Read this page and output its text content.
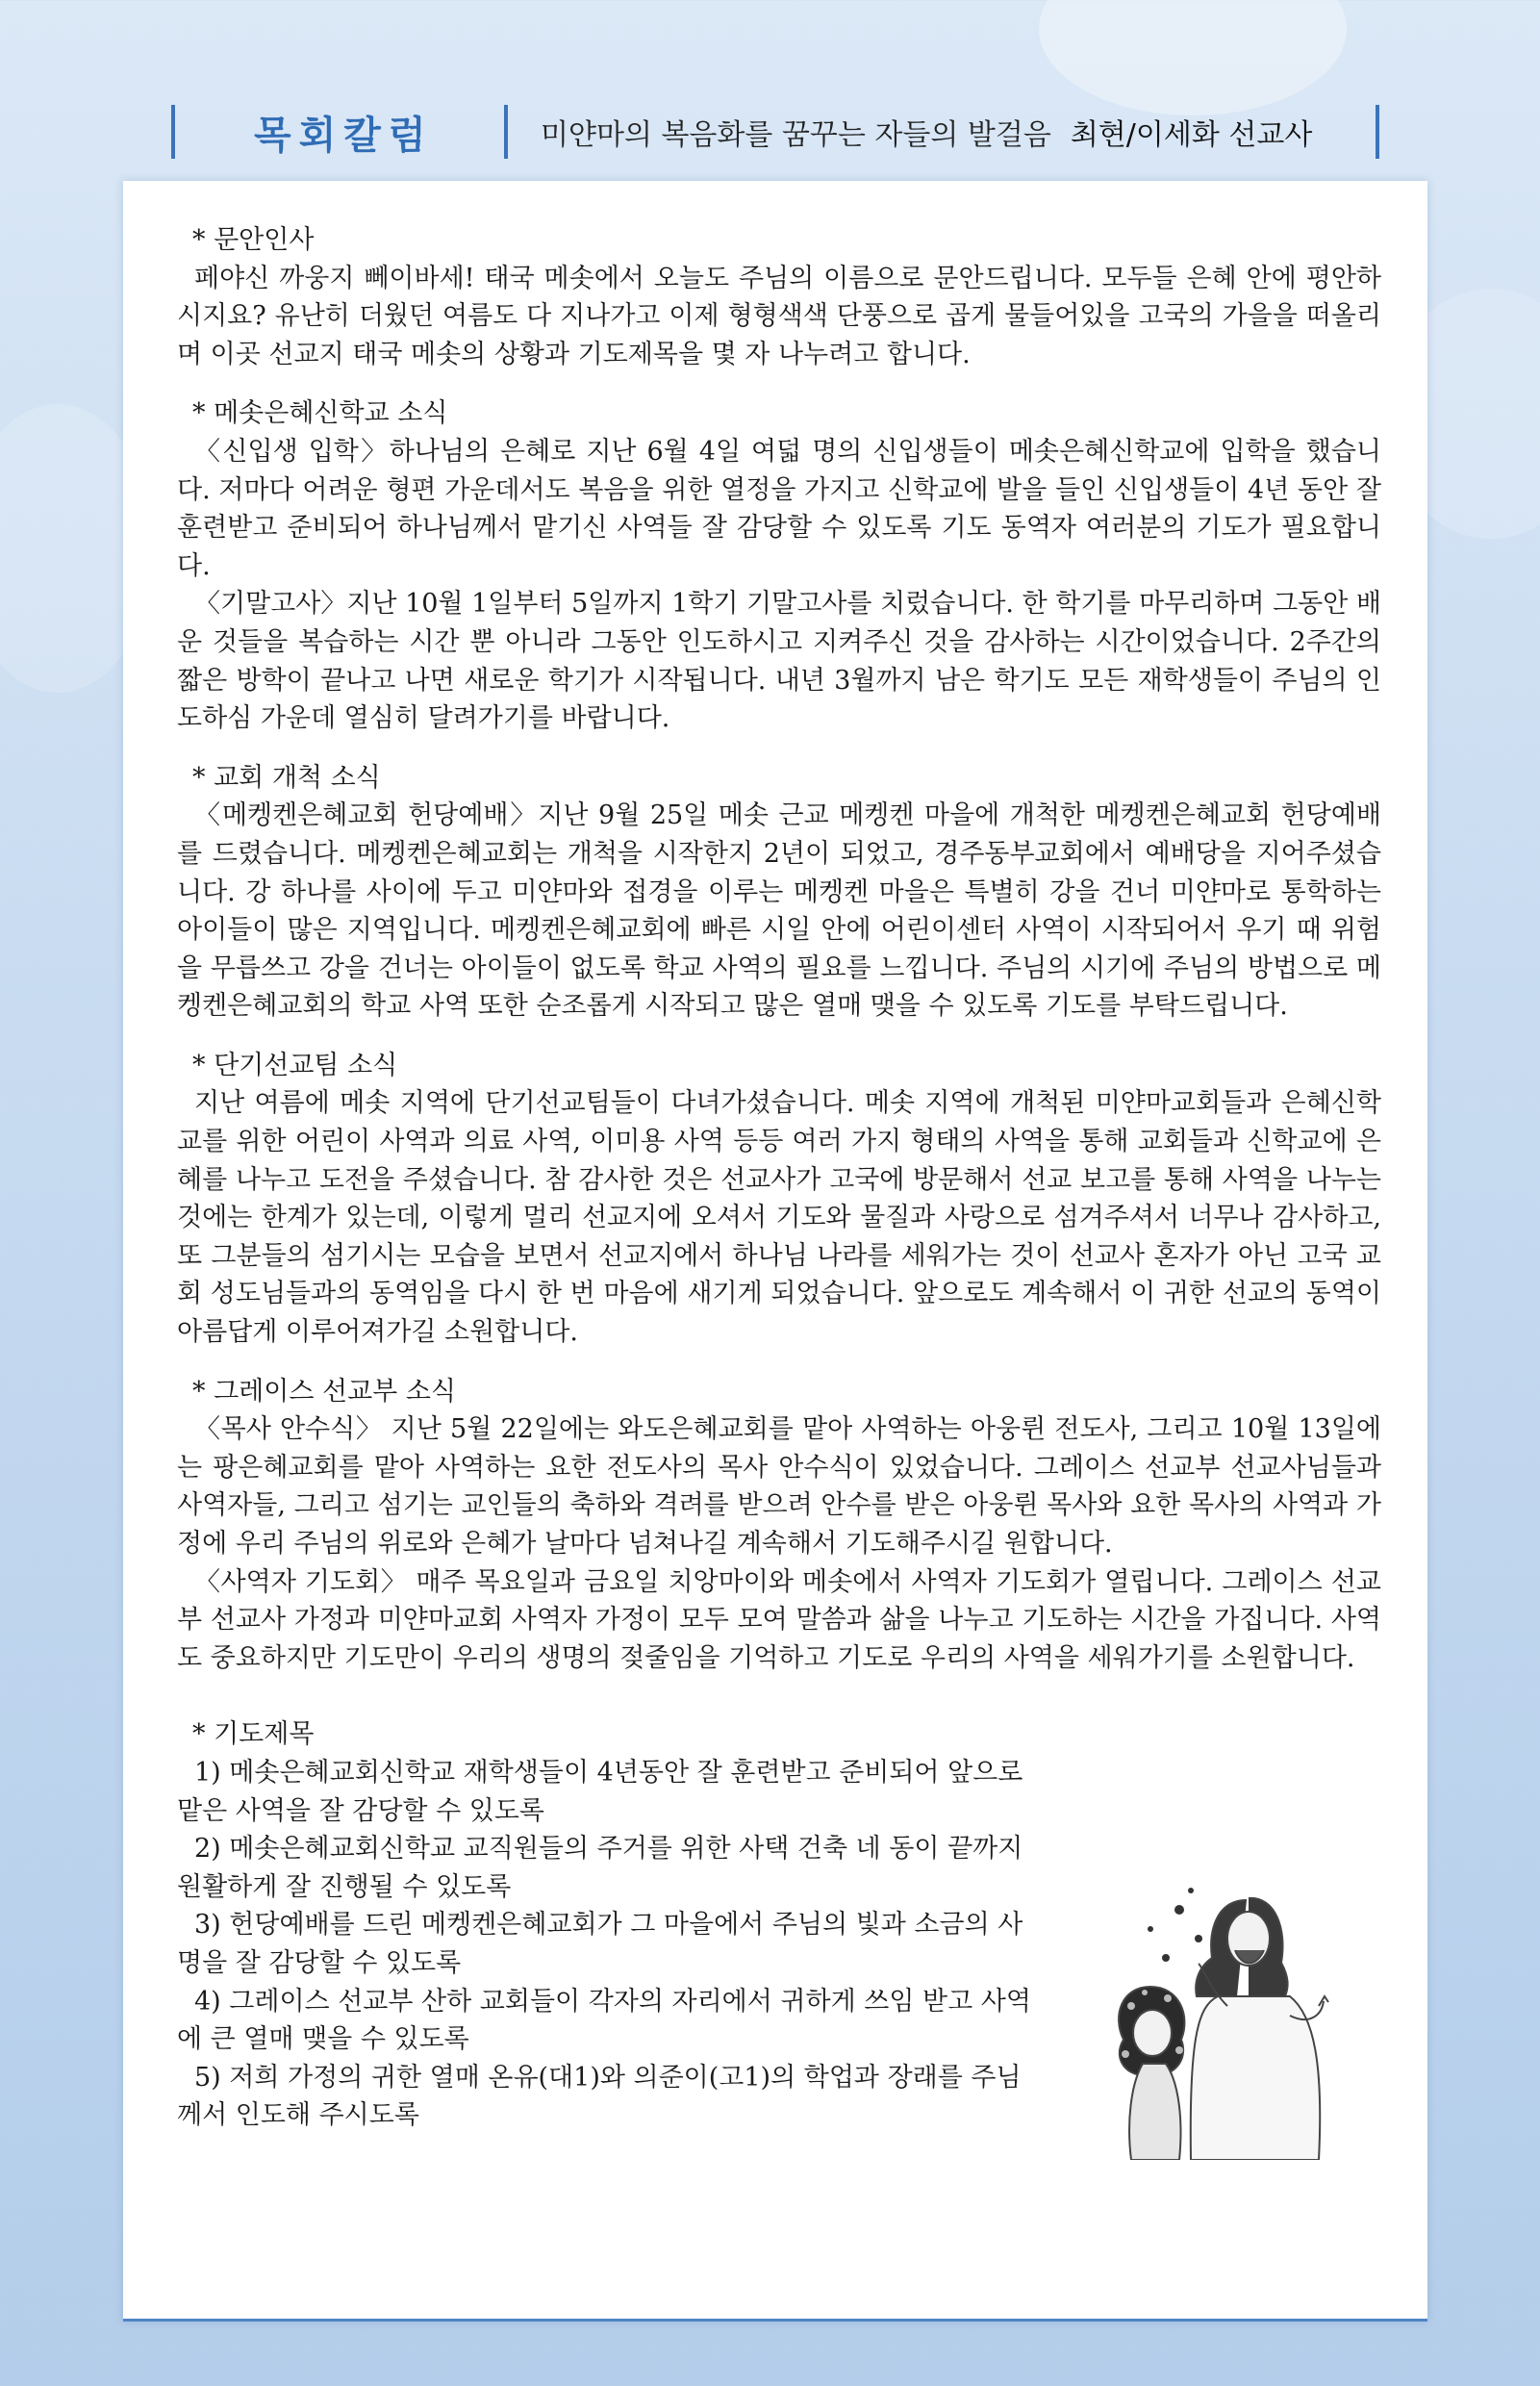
목회칼럼	미얀마의 복음화를 꿈꾸는 자들의 발걸음 최현/이세화 선교사
* 문안인사

페야신 까웅지 뻬이바세! 태국 메솟에서 오늘도 주님의 이름으로 문안드립니다. 모두들 은혜 안에 평안하시지요? 유난히 더웠던 여름도 다 지나가고 이제 형형색색 단풍으로 곱게 물들어있을 고국의 가을을 떠올리며 이곳 선교지 태국 메솟의 상황과 기도제목을 몇 자 나누려고 합니다.

* 메솟은혜신학교 소식

〈신입생 입학〉하나님의 은혜로 지난 6월 4일 여덟 명의 신입생들이 메솟은혜신학교에 입학을 했습니다. 저마다 어려운 형편 가운데서도 복음을 위한 열정을 가지고 신학교에 발을 들인 신입생들이 4년 동안 잘 훈련받고 준비되어 하나님께서 맡기신 사역들 잘 감당할 수 있도록 기도 동역자 여러분의 기도가 필요합니다.

〈기말고사〉지난 10월 1일부터 5일까지 1학기 기말고사를 치렀습니다. 한 학기를 마무리하며 그동안 배운 것들을 복습하는 시간 뿐 아니라 그동안 인도하시고 지켜주신 것을 감사하는 시간이었습니다. 2주간의 짧은 방학이 끝나고 나면 새로운 학기가 시작됩니다. 내년 3월까지 남은 학기도 모든 재학생들이 주님의 인도하심 가운데 열심히 달려가기를 바랍니다.

* 교회 개척 소식

〈메켕켄은혜교회 헌당예배〉지난 9월 25일 메솟 근교 메켕켄 마을에 개척한 메켕켄은혜교회 헌당예배를 드렸습니다. 메켕켄은혜교회는 개척을 시작한지 2년이 되었고, 경주동부교회에서 예배당을 지어주셨습니다. 강 하나를 사이에 두고 미얀마와 접경을 이루는 메켕켄 마을은 특별히 강을 건너 미얀마로 통학하는 아이들이 많은 지역입니다. 메켕켄은혜교회에 빠른 시일 안에 어린이센터 사역이 시작되어서 우기 때 위험을 무릅쓰고 강을 건너는 아이들이 없도록 학교 사역의 필요를 느낍니다. 주님의 시기에 주님의 방법으로 메켕켄은혜교회의 학교 사역 또한 순조롭게 시작되고 많은 열매 맺을 수 있도록 기도를 부탁드립니다.

* 단기선교팀 소식

지난 여름에 메솟 지역에 단기선교팀들이 다녀가셨습니다. 메솟 지역에 개척된 미얀마교회들과 은혜신학교를 위한 어린이 사역과 의료 사역, 이미용 사역 등등 여러 가지 형태의 사역을 통해 교회들과 신학교에 은혜를 나누고 도전을 주셨습니다. 참 감사한 것은 선교사가 고국에 방문해서 선교 보고를 통해 사역을 나누는 것에는 한계가 있는데, 이렇게 멀리 선교지에 오셔서 기도와 물질과 사랑으로 섬겨주셔서 너무나 감사하고, 또 그분들의 섬기시는 모습을 보면서 선교지에서 하나님 나라를 세워가는 것이 선교사 혼자가 아닌 고국 교회 성도님들과의 동역임을 다시 한 번 마음에 새기게 되었습니다. 앞으로도 계속해서 이 귀한 선교의 동역이 아름답게 이루어져가길 소원합니다.

* 그레이스 선교부 소식

〈목사 안수식〉 지난 5월 22일에는 와도은혜교회를 맡아 사역하는 아웅륀 전도사, 그리고 10월 13일에는 팡은혜교회를 맡아 사역하는 요한 전도사의 목사 안수식이 있었습니다. 그레이스 선교부 선교사님들과 사역자들, 그리고 섬기는 교인들의 축하와 격려를 받으려 안수를 받은 아웅륀 목사와 요한 목사의 사역과 가정에 우리 주님의 위로와 은혜가 날마다 넘쳐나길 계속해서 기도해주시길 원합니다.

〈사역자 기도회〉 매주 목요일과 금요일 치앙마이와 메솟에서 사역자 기도회가 열립니다. 그레이스 선교부 선교사 가정과 미얀마교회 사역자 가정이 모두 모여 말씀과 삶을 나누고 기도하는 시간을 가집니다. 사역도 중요하지만 기도만이 우리의 생명의 젖줄임을 기억하고 기도로 우리의 사역을 세워가기를 소원합니다.

* 기도제목

1) 메솟은혜교회신학교 재학생들이 4년동안 잘 훈련받고 준비되어 앞으로 맡은 사역을 잘 감당할 수 있도록

2) 메솟은혜교회신학교 교직원들의 주거를 위한 사택 건축 네 동이 끝까지 원활하게 잘 진행될 수 있도록

3) 헌당예배를 드린 메켕켄은혜교회가 그 마을에서 주님의 빛과 소금의 사명을 잘 감당할 수 있도록

4) 그레이스 선교부 산하 교회들이 각자의 자리에서 귀하게 쓰임 받고 사역에 큰 열매 맺을 수 있도록

5) 저희 가정의 귀한 열매 온유(대1)와 의준이(고1)의 학업과 장래를 주님께서 인도해 주시도록
